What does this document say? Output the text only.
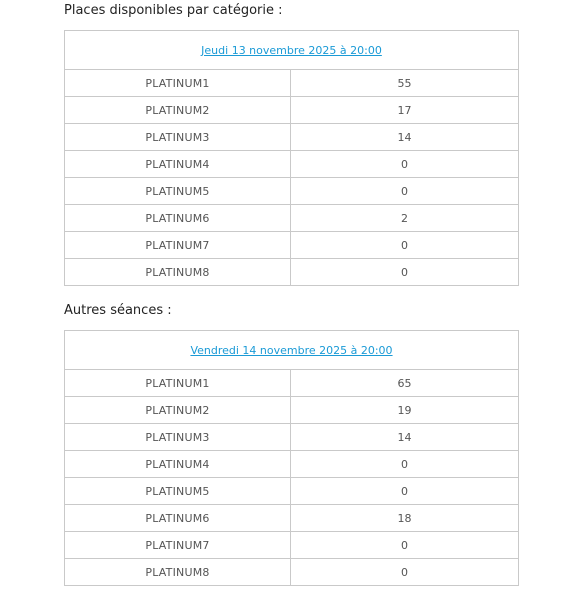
Places disponibles par catégorie :

Jeudi 13 novembre 2025 à 20:00	
PLATINUM1	55
PLATINUM2	17
PLATINUM3	14
PLATINUM4	0
PLATINUM5	0
PLATINUM6	2
PLATINUM7	0
PLATINUM8	0

Autres séances :

Vendredi 14 novembre 2025 à 20:00	
PLATINUM1	65
PLATINUM2	19
PLATINUM3	14
PLATINUM4	0
PLATINUM5	0
PLATINUM6	18
PLATINUM7	0
PLATINUM8	0
